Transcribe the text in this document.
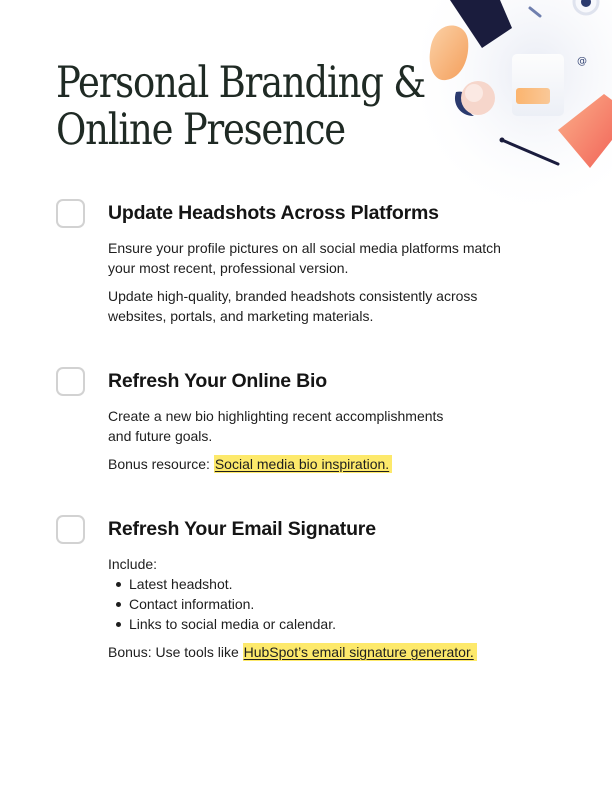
@
Personal Branding &
Online Presence
Update Headshots Across Platforms

Ensure your profile pictures on all social media platforms match
your most recent, professional version.

Update high-quality, branded headshots consistently across
websites, portals, and marketing materials.

Refresh Your Online Bio

Create a new bio highlighting recent accomplishments
and future goals.

Bonus resource: Social media bio inspiration.

Refresh Your Email Signature

Include:

Latest headshot.
Contact information.
Links to social media or calendar.

Bonus: Use tools like HubSpot’s email signature generator.
